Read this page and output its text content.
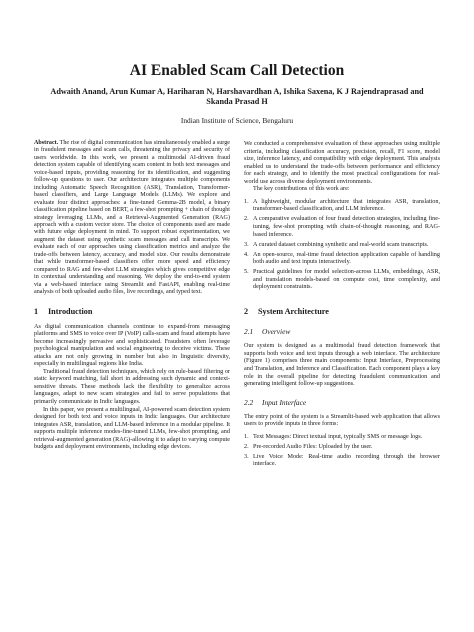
AI Enabled Scam Call Detection
Adwaith Anand, Arun Kumar A, Hariharan N, Harshavardhan A, Ishika Saxena, K J Rajendraprasad and Skanda Prasad H
Indian Institute of Science, Bengaluru

Abstract. The rise of digital communication has simultaneously enabled a surge in fraudulent messages and scam calls, threatening the privacy and security of users worldwide. In this work, we present a multimodal AI-driven fraud detection system capable of identifying scam content in both text messages and voice-based inputs, providing reasoning for its identification, and suggesting follow-up questions to user. Our architecture integrates multiple components including Automatic Speech Recognition (ASR), Translation, Transformer-based classifiers, and Large Language Models (LLMs). We explore and evaluate four distinct approaches: a fine-tuned Gemma-2B model, a binary classification pipeline based on BERT, a few-shot prompting + chain of thought strategy leveraging LLMs, and a Retrieval-Augmented Generation (RAG) approach with a custom vector store. The choice of components used are made with future edge deployment in mind. To support robust experimentation, we augment the dataset using synthetic scam messages and call transcripts. We evaluate each of our approaches using classification metrics and analyze the trade-offs between latency, accuracy, and model size. Our results demonstrate that while transformer-based classifiers offer more speed and efficiency compared to RAG and few-shot LLM strategies which gives competitive edge in contextual understanding and reasoning. We deploy the end-to-end system via a web-based interface using Streamlit and FastAPI, enabling real-time analysis of both uploaded audio files, live recordings, and typed text.

1 Introduction

As digital communication channels continue to expand-from messaging platforms and SMS to voice over IP (VoIP) calls-scam and fraud attempts have become increasingly pervasive and sophisticated. Fraudsters often leverage psychological manipulation and social engineering to deceive victims. These attacks are not only growing in number but also in linguistic diversity, especially in multilingual regions like India.

Traditional fraud detection techniques, which rely on rule-based filtering or static keyword matching, fall short in addressing such dynamic and context-sensitive threats. These methods lack the flexibility to generalize across languages, adapt to new scam strategies and fail to serve populations that primarily communicate in Indic languages.

In this paper, we present a multilingual, AI-powered scam detection system designed for both text and voice inputs in Indic languages. Our architecture integrates ASR, translation, and LLM-based inference in a modular pipeline. It supports multiple inference modes-fine-tuned LLMs, few-shot prompting, and retrieval-augmented generation (RAG)-allowing it to adapt to varying compute budgets and deployment environments, including edge devices.

We conducted a comprehensive evaluation of these approaches using multiple criteria, including classification accuracy, precision, recall, F1 score, model size, inference latency, and compatibility with edge deployment. This analysis enabled us to understand the trade-offs between performance and efficiency for each strategy, and to identify the most practical configurations for real-world use across diverse deployment environments.

The key contributions of this work are:

1. A lightweight, modular architecture that integrates ASR, translation, transformer-based classification, and LLM inference.
2. A comparative evaluation of four fraud detection strategies, including fine-tuning, few-shot prompting with chain-of-thought reasoning, and RAG-based inference.
3. A curated dataset combining synthetic and real-world scam transcripts.
4. An open-source, real-time fraud detection application capable of handling both audio and text inputs interactively.
5. Practical guidelines for model selection-across LLMs, embeddings, ASR, and translation models-based on compute cost, time complexity, and deployment constraints.
2 System Architecture
2.1 Overview

Our system is designed as a multimodal fraud detection framework that supports both voice and text inputs through a web interface. The architecture (Figure 1) comprises three main components: Input Interface, Preprocessing and Translation, and Inference and Classification. Each component plays a key role in the overall pipeline for detecting fraudulent communication and generating intelligent follow-up suggestions.

2.2 Input Interface

The entry point of the system is a Streamlit-based web application that allows users to provide inputs in three forms:

1. Text Messages: Direct textual input, typically SMS or message logs.
2. Pre-recorded Audio Files: Uploaded by the user.
3. Live Voice Mode: Real-time audio recording through the browser interface.
